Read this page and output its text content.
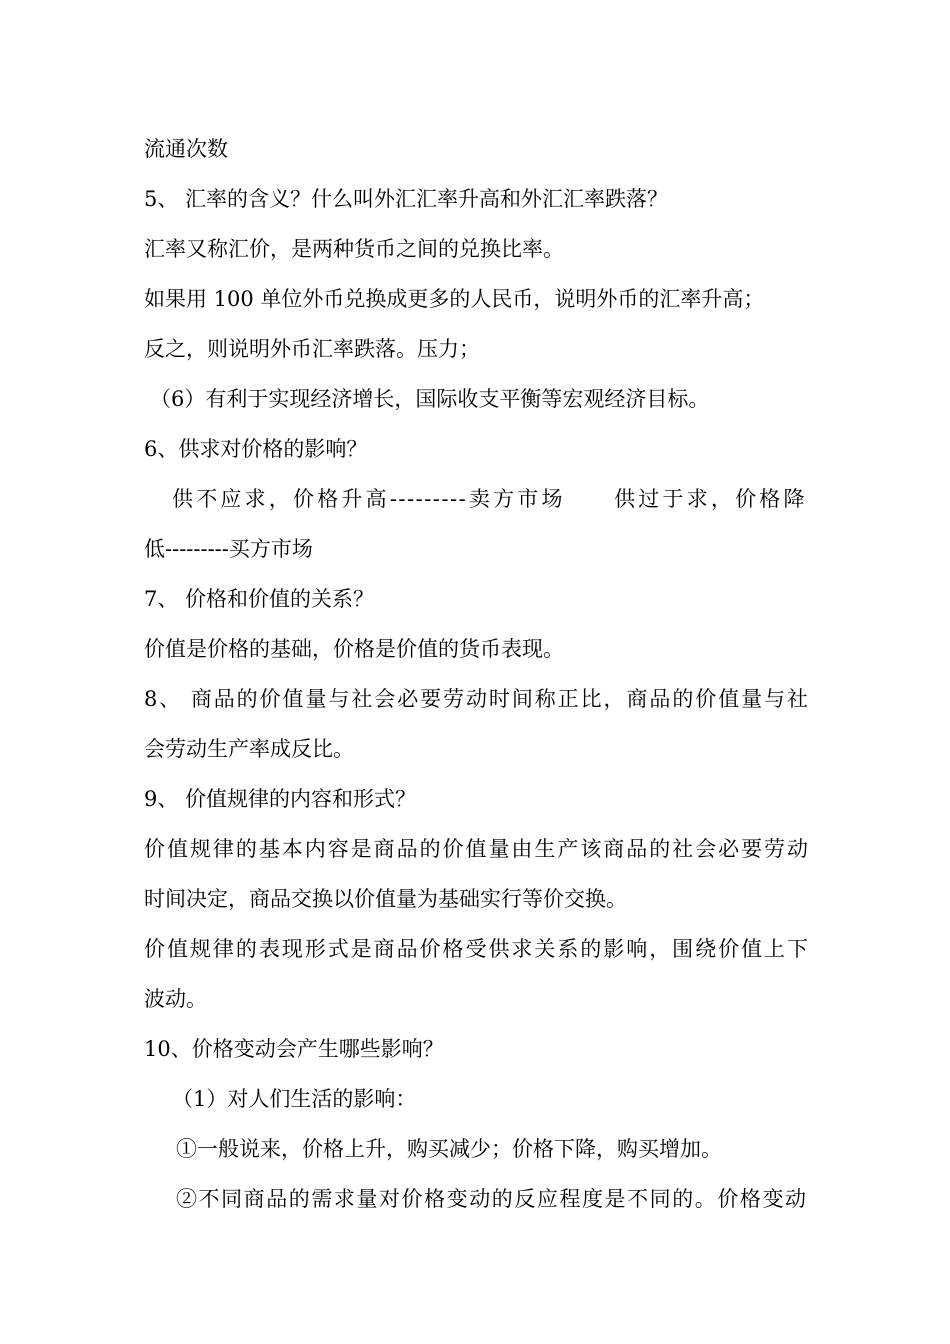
流通次数
5、 汇率的含义？什么叫外汇汇率升高和外汇汇率跌落？
汇率又称汇价，是两种货币之间的兑换比率。
如果用 100 单位外币兑换成更多的人民币，说明外币的汇率升高；
反之，则说明外币汇率跌落。压力；
（6）有利于实现经济增长，国际收支平衡等宏观经济目标。
6、供求对价格的影响？
供不应求，价格升高---------卖方市场　　供过于求，价格降
低---------买方市场
7、 价格和价值的关系？
价值是价格的基础，价格是价值的货币表现。
8、 商品的价值量与社会必要劳动时间称正比，商品的价值量与社
会劳动生产率成反比。
9、 价值规律的内容和形式？
价值规律的基本内容是商品的价值量由生产该商品的社会必要劳动
时间决定，商品交换以价值量为基础实行等价交换。
价值规律的表现形式是商品价格受供求关系的影响，围绕价值上下
波动。
10、价格变动会产生哪些影响？
（1）对人们生活的影响：
①一般说来，价格上升，购买减少；价格下降，购买增加。
②不同商品的需求量对价格变动的反应程度是不同的。价格变动
